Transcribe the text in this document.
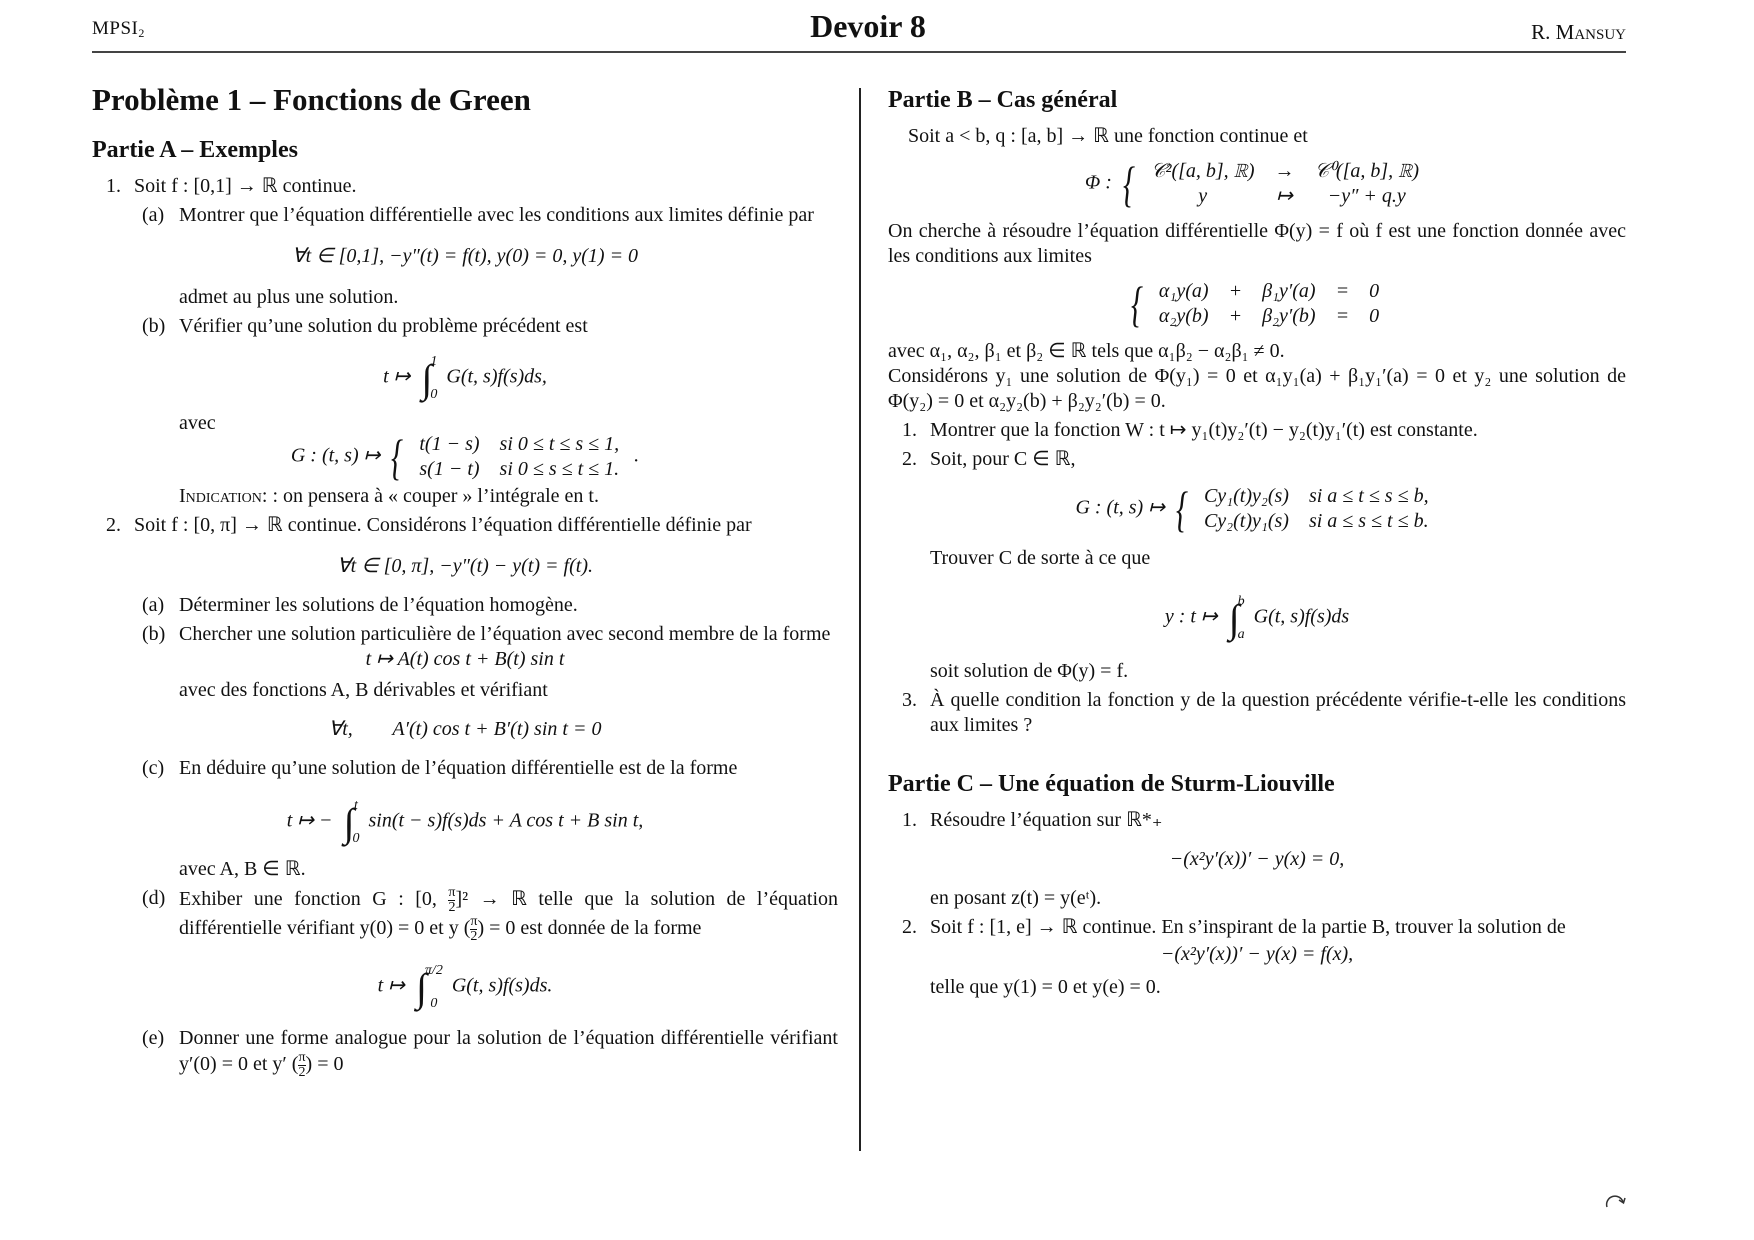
$MPSI_2$	Devoir 8	R. Mansuy
Problème 1 – Fonctions de Green
Partie A – Exemples
1. Soit f : [0,1] → ℝ continue.
(a) Montrer que l’équation différentielle avec les conditions aux limites définie par
∀t ∈ [0,1], −y″(t) = f(t), y(0) = 0, y(1) = 0
admet au plus une solution.
(b) Vérifier qu’une solution du problème précédent est
t ↦ ∫
1
0
G(t, s)f(s)ds,
avec
G : (t, s) ↦ { t(1 − s)	si 0 ≤ t ≤ s ≤ 1,
s(1 − t)	si 0 ≤ s ≤ t ≤ 1.
.
Indication: : on pensera à « couper » l’intégrale en t.
2. Soit f : [0, π] → ℝ continue. Considérons l’équation différentielle définie par
∀t ∈ [0, π], −y″(t) − y(t) = f(t).
(a) Déterminer les solutions de l’équation homogène.
(b) Chercher une solution particulière de l’équation avec second membre de la forme
t ↦ A(t) cos t + B(t) sin t
avec des fonctions A, B dérivables et vérifiant
∀t,        A′(t) cos t + B′(t) sin t = 0
(c) En déduire qu’une solution de l’équation différentielle est de la forme
t ↦ − ∫ t
0
sin(t − s)f(s)ds + A cos t + B sin t,
avec A, B ∈ ℝ.
(d) Exhiber une fonction G : [0, $\frac{\pi}{2} ]^2$ → ℝ telle que la solution de l’équation différentielle vérifiant y(0) = 0 et y ( $\frac{\pi}{2}$ ) = 0 est donnée de la forme
t ↦ ∫
π/2
0
G(t, s)f(s)ds.
(e) Donner une forme analogue pour la solution de l’équation différentielle vérifiant y′(0) = 0 et y′ ( $\frac{\pi}{2}$ ) = 0
Partie B – Cas général
Soit a < b, q : [a, b] → ℝ une fonction continue et
Φ : { 𝒞²([a, b], ℝ)	→	𝒞⁰([a, b], ℝ)
y	↦	−y″ + q.y
On cherche à résoudre l’équation différentielle Φ(y) = f où f est une fonction donnée avec les conditions aux limites
{ α₁y(a)	+	β₁y′(a)	=	0
α₂y(b)	+	β₂y′(b)	=	0
avec α₁, α₂, β₁ et β₂ ∈ ℝ tels que α₁β₂ − α₂β₁ ≠ 0.
Considérons y₁ une solution de Φ(y₁) = 0 et α₁y₁(a) + β₁y₁′(a) = 0 et y₂ une solution de Φ(y₂) = 0 et α₂y₂(b) + β₂y₂′(b) = 0.
1. Montrer que la fonction W : t ↦ y₁(t)y₂′(t) − y₂(t)y₁′(t) est constante.
2. Soit, pour C ∈ ℝ,
G : (t, s) ↦ { Cy₁(t)y₂(s)	si a ≤ t ≤ s ≤ b,
Cy₂(t)y₁(s)	si a ≤ s ≤ t ≤ b.
Trouver C de sorte à ce que
y : t ↦ ∫
b
a
G(t, s)f(s)ds
soit solution de Φ(y) = f.
3. À quelle condition la fonction y de la question précédente vérifie-t-elle les conditions aux limites ?
Partie C – Une équation de Sturm-Liouville
1. Résoudre l’équation sur ℝ*₊
−(x²y′(x))′ − y(x) = 0,
en posant z(t) = y(eᵗ).
2. Soit f : [1, e] → ℝ continue. En s’inspirant de la partie B, trouver la solution de
−(x²y′(x))′ − y(x) = f(x),
telle que y(1) = 0 et y(e) = 0.
